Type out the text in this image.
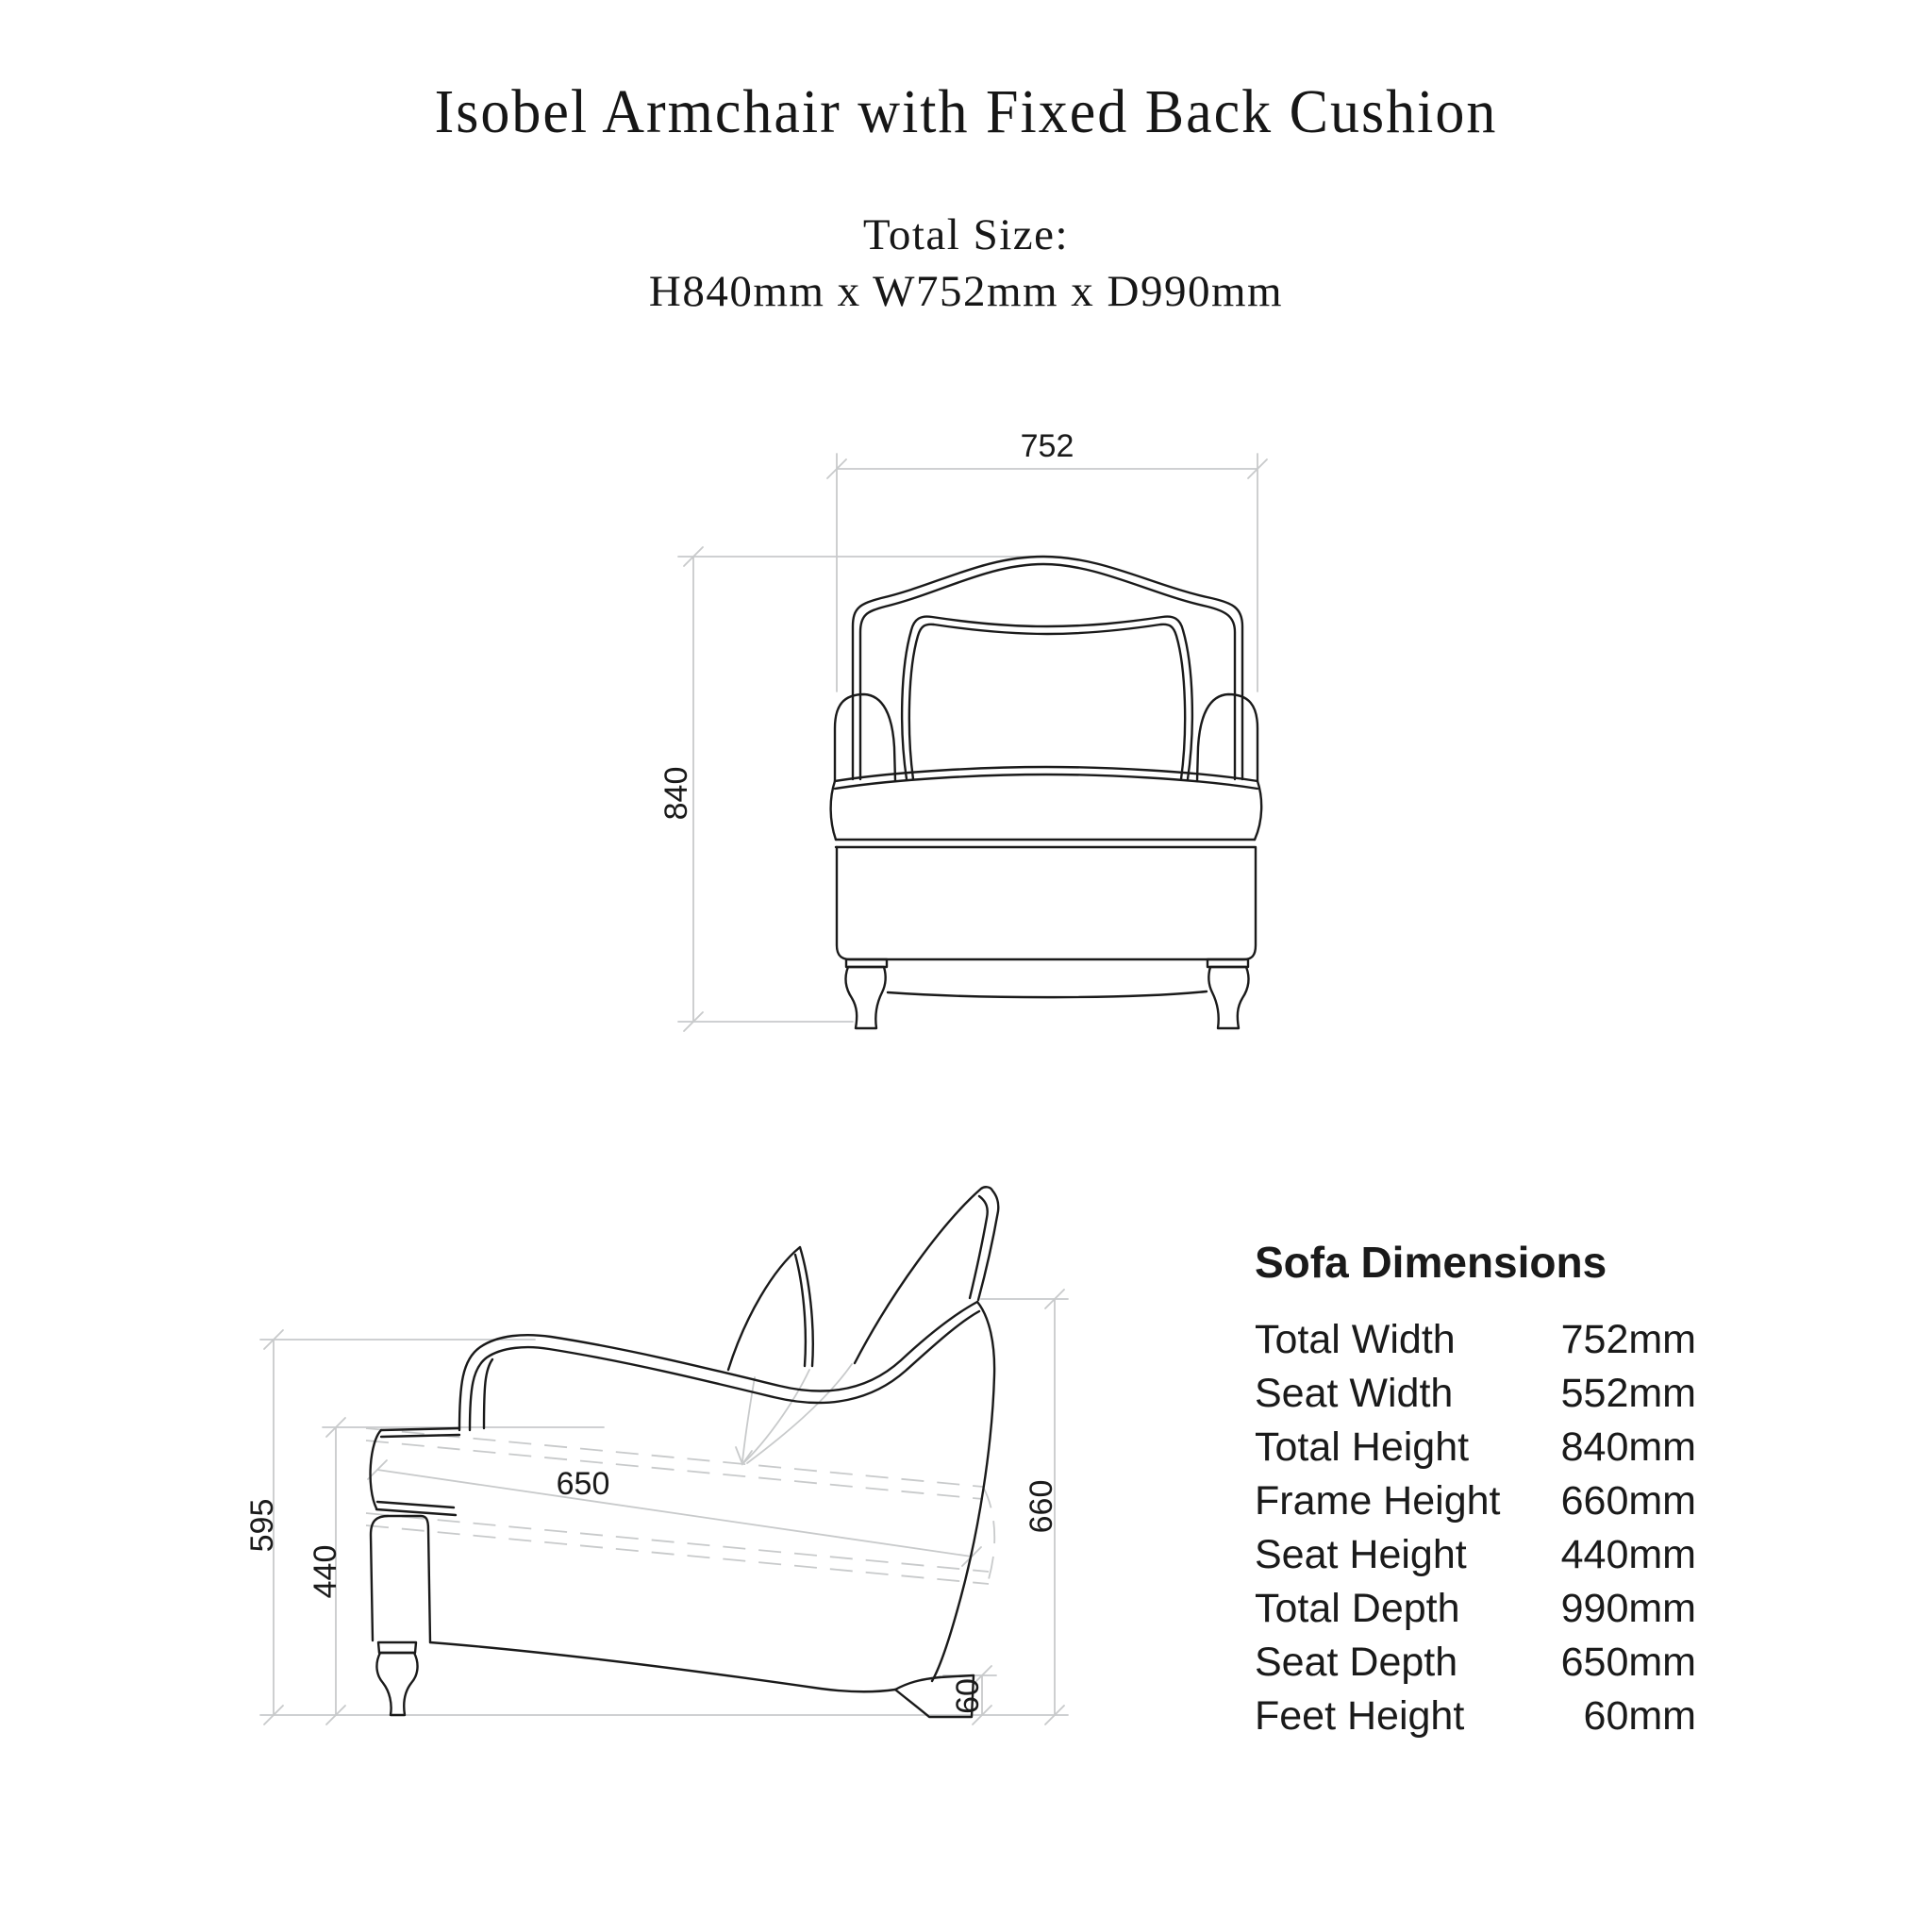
Isobel Armchair with Fixed Back Cushion
Total Size:
H840mm x W752mm x D990mm
752
840
595
440
650	660
60
Sofa Dimensions
Total Width	752mm
Seat Width	552mm
Total Height 840mm
Frame Height 660mm
Seat Height 440mm
Total Depth 990mm
Seat Depth	650mm
Feet Height	60mm
